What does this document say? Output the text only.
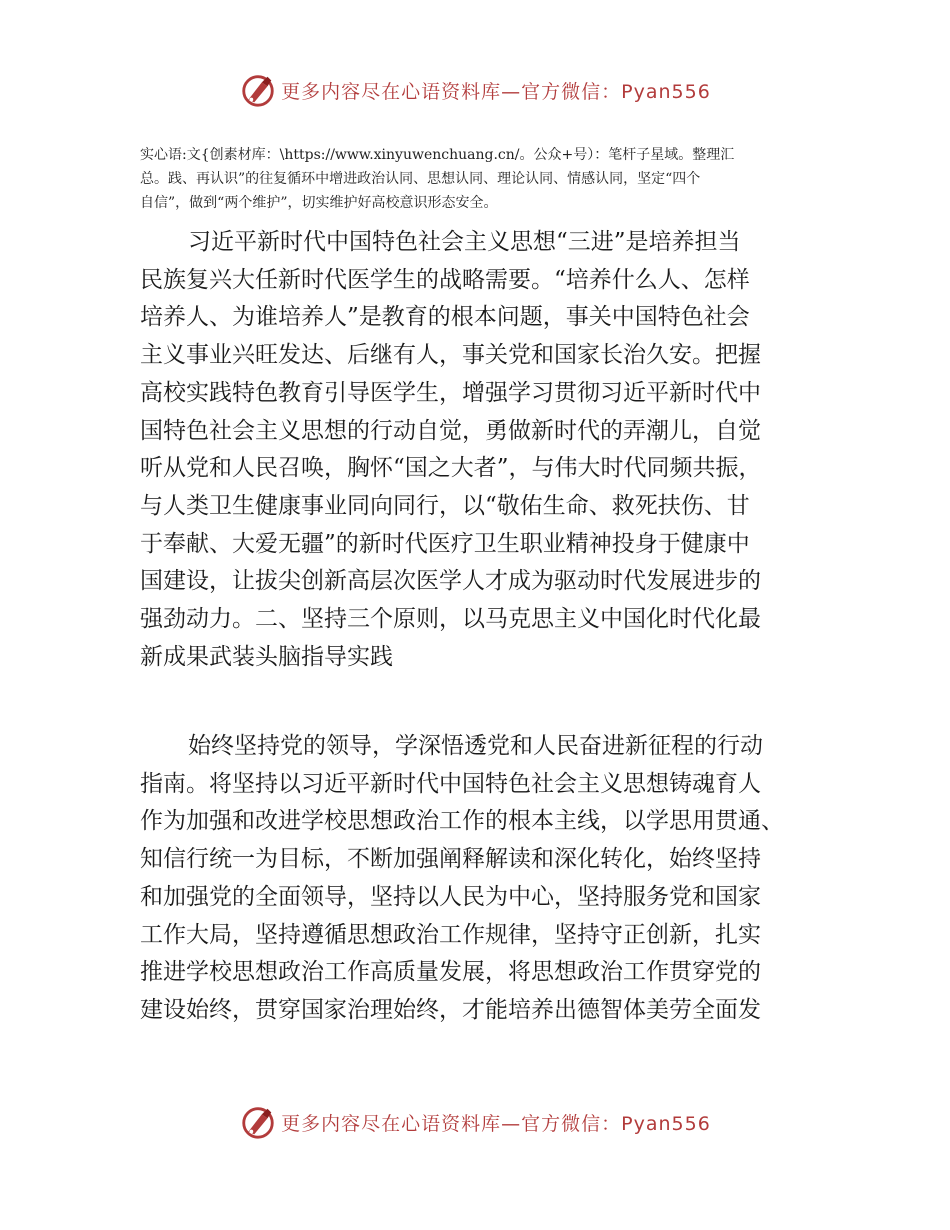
更多内容尽在心语资料库—官方微信：Pyan556
实心语:文{创素材库：\https://www.xinyuwenchuang.cn/。公众+号）：笔杆子星域。整理汇
总。践、再认识”的往复循环中增进政治认同、思想认同、理论认同、情感认同，坚定“四个
自信”，做到“两个维护”，切实维护好高校意识形态安全。
习近平新时代中国特色社会主义思想“三进”是培养担当
民族复兴大任新时代医学生的战略需要。“培养什么人、怎样
培养人、为谁培养人”是教育的根本问题，事关中国特色社会
主义事业兴旺发达、后继有人，事关党和国家长治久安。把握
高校实践特色教育引导医学生，增强学习贯彻习近平新时代中
国特色社会主义思想的行动自觉，勇做新时代的弄潮儿，自觉
听从党和人民召唤，胸怀“国之大者”，与伟大时代同频共振，
与人类卫生健康事业同向同行，以“敬佑生命、救死扶伤、甘
于奉献、大爱无疆”的新时代医疗卫生职业精神投身于健康中
国建设，让拔尖创新高层次医学人才成为驱动时代发展进步的
强劲动力。二、坚持三个原则，以马克思主义中国化时代化最
新成果武装头脑指导实践
始终坚持党的领导，学深悟透党和人民奋进新征程的行动
指南。将坚持以习近平新时代中国特色社会主义思想铸魂育人
作为加强和改进学校思想政治工作的根本主线，以学思用贯通、
知信行统一为目标，不断加强阐释解读和深化转化，始终坚持
和加强党的全面领导，坚持以人民为中心，坚持服务党和国家
工作大局，坚持遵循思想政治工作规律，坚持守正创新，扎实
推进学校思想政治工作高质量发展，将思想政治工作贯穿党的
建设始终，贯穿国家治理始终，才能培养出德智体美劳全面发
更多内容尽在心语资料库—官方微信：Pyan556
